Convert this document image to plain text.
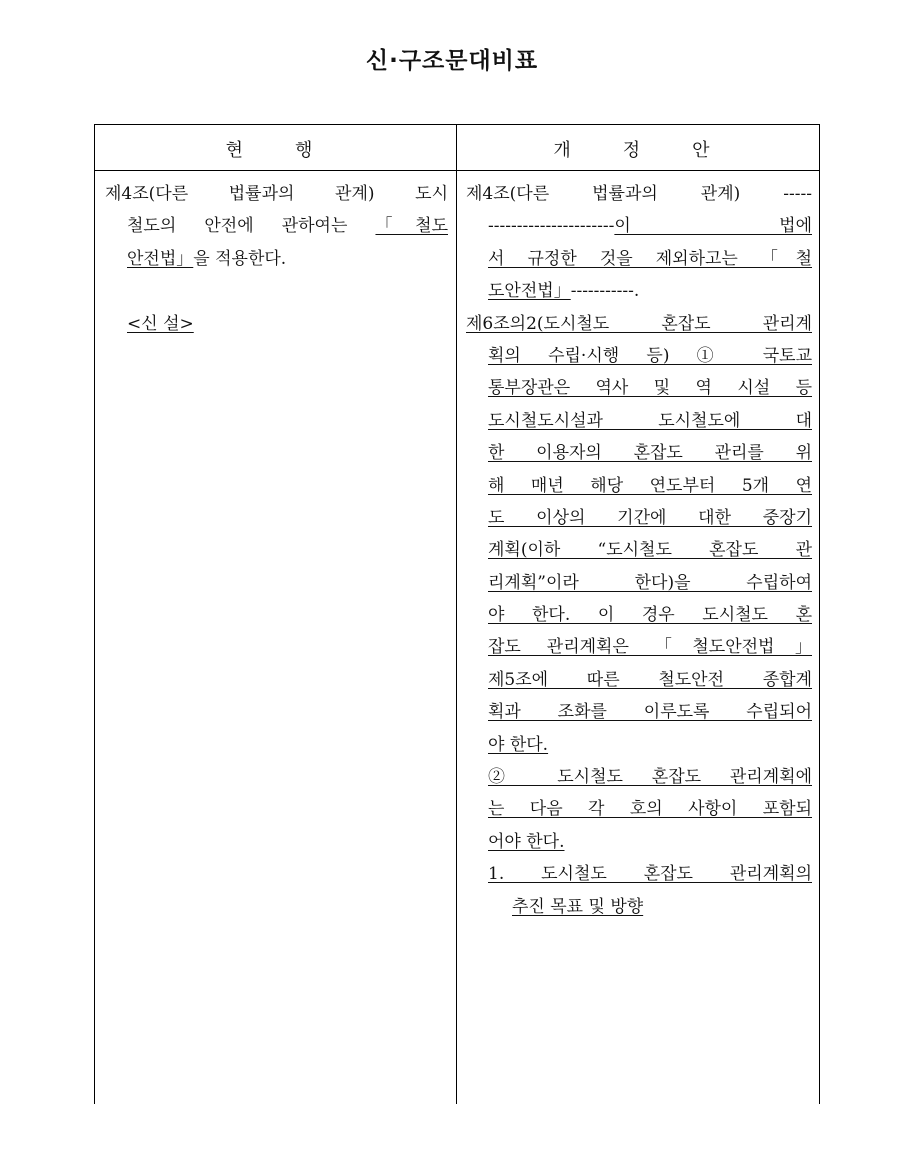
신·구조문대비표
현행	개정안
제4조(다른 법률과의 관계) 도시
철도의 안전에 관하여는 「철도
안전법」을 적용한다.
<신 설>
제4조(다른 법률과의 관계) -----
----------------------이 법에
서 규정한 것을 제외하고는 「철
도안전법」-----------.
제6조의2(도시철도 혼잡도 관리계
획의 수립·시행 등) ① 국토교
통부장관은 역사 및 역 시설 등
도시철도시설과 도시철도에 대
한 이용자의 혼잡도 관리를 위
해 매년 해당 연도부터 5개 연
도 이상의 기간에 대한 중장기
계획(이하 “도시철도 혼잡도 관
리계획”이라 한다)을 수립하여
야 한다. 이 경우 도시철도 혼
잡도 관리계획은 「철도안전법」
제5조에 따른 철도안전 종합계
획과 조화를 이루도록 수립되어
야 한다.
② 도시철도 혼잡도 관리계획에
는 다음 각 호의 사항이 포함되
어야 한다.
1. 도시철도 혼잡도 관리계획의
추진 목표 및 방향
